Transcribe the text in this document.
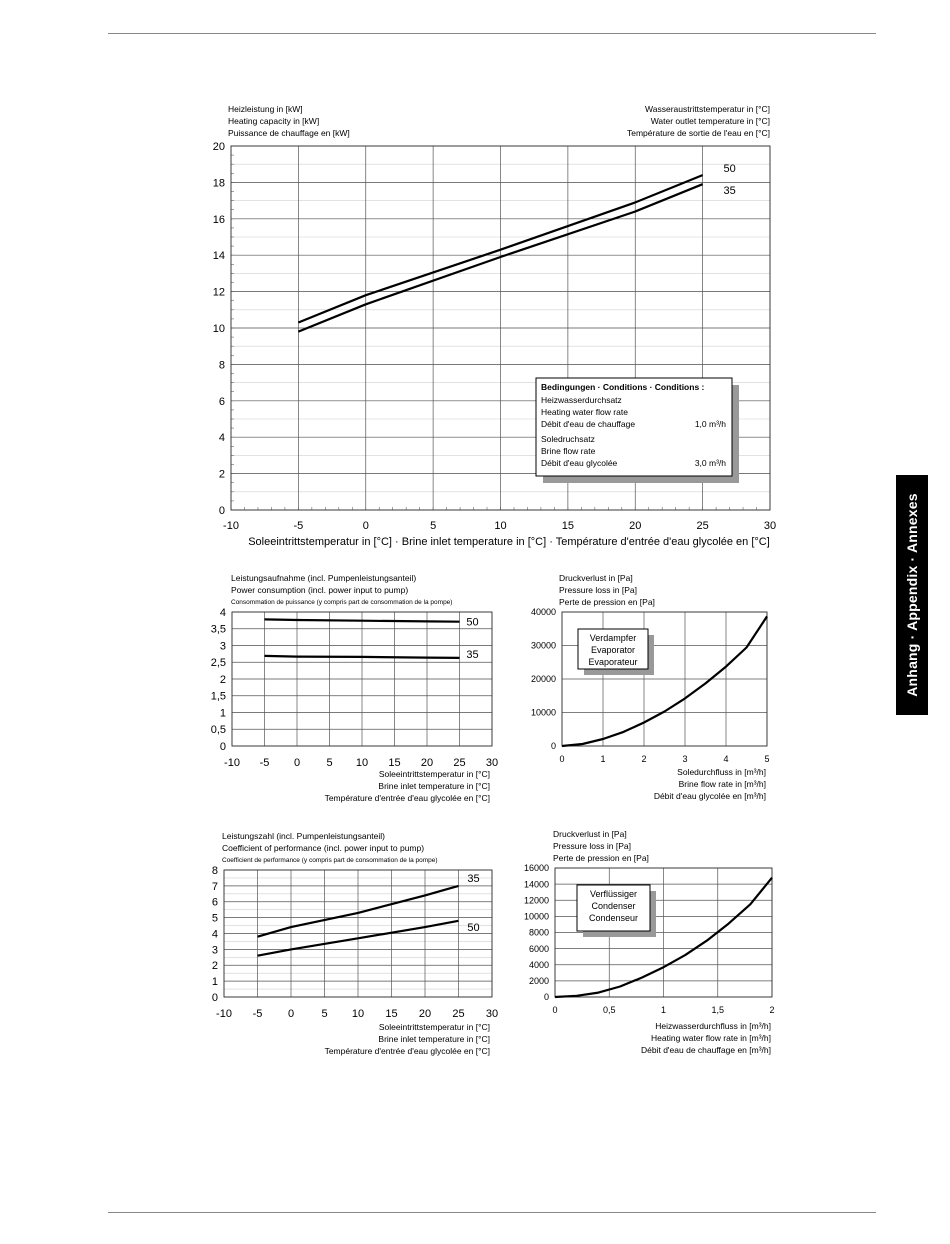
Anhang · Appendix · Annexes
Heizleistung in [kW]
Heating capacity in [kW]
Puissance de chauffage en [kW]
Wasseraustrittstemperatur in [°C]
Water outlet temperature in [°C]
Température de sortie de l'eau en [°C]
-10	-5	0	5	10	15	20	25	30
0
2
4
6
8
10
12
14
16
18
20
Soleeintrittstemperatur in [°C] · Brine inlet temperature in [°C] · Température d'entrée d'eau glycolée en [°C]
Bedingungen · Conditions · Conditions :
Heizwasserdurchsatz
Heating water flow rate
Débit d'eau de chauffage	1,0 m³/h
Soledruchsatz
Brine flow rate
Débit d'eau glycolée	3,0 m³/h
35
50
Leistungsaufnahme (incl. Pumpenleistungsanteil)
Power consumption (incl. power input to pump)
Consommation de puissance (y compris part de consommation de la pompe)
-10 -5 0 5 10 15 20 25 30
0
0,5
1
1,5
2
2,5
3
3,5
4
Soleeintrittstemperatur in [°C]
Brine inlet temperature in [°C]
Température d'entrée d'eau glycolée en [°C]
50
35
Druckverlust in [Pa]
Pressure loss in [Pa]
Perte de pression en [Pa]
0	1	2	3	4	5
0
10000
20000
30000
40000
Soledurchfluss in [m³/h]
Brine flow rate in [m³/h]
Débit d'eau glycolée en [m³/h]
Verdampfer
Evaporator
Evaporateur
Leistungszahl (incl. Pumpenleistungsanteil)
Coefficient of performance (incl. power input to pump)
Coefficient de performance (y compris part de consommation de la pompe)
-10 -5 0 5 10 15 20 25 30
0
1
2
3
4
5
6
7
8
Soleeintrittstemperatur in [°C]
Brine inlet temperature in [°C]
Température d'entrée d'eau glycolée en [°C]
35
50
Druckverlust in [Pa]
Pressure loss in [Pa]
Perte de pression en [Pa]
0	0,5	1	1,5	2
0
2000
4000
6000
8000
10000
12000
14000
16000
Heizwasserdurchfluss in [m³/h]
Heating water flow rate in [m³/h]
Débit d'eau de chauffage en [m³/h]
Verflüssiger
Condenser
Condenseur
